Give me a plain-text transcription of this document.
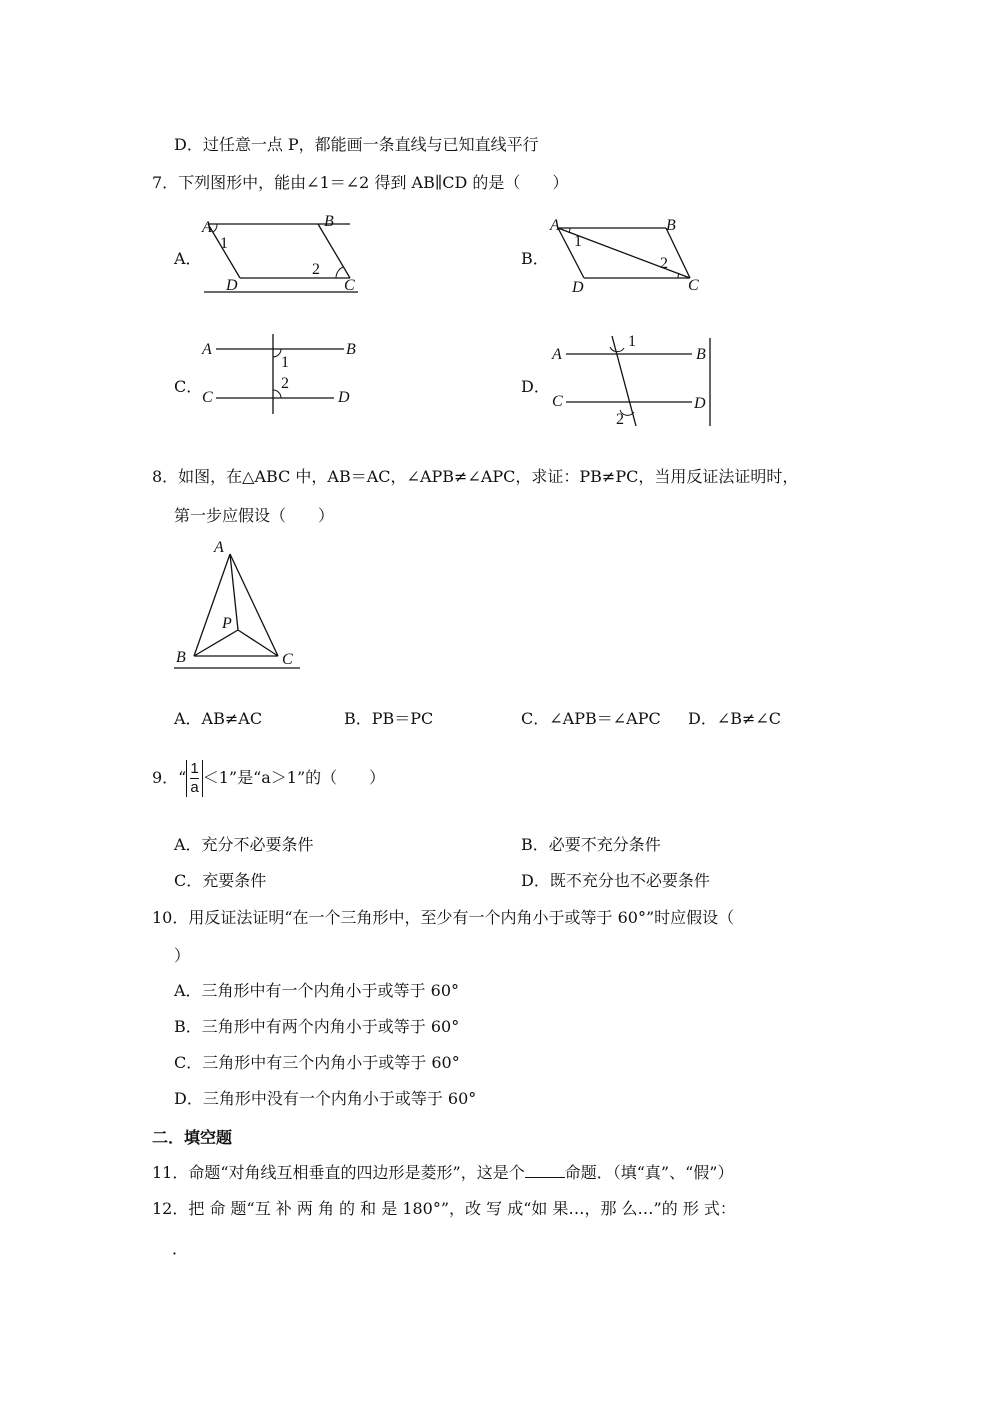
D．过任意一点 P，都能画一条直线与已知直线平行
7．下列图形中，能由∠1＝∠2 得到 AB∥CD 的是（　　）
A．
A	B
C
D
1
2
B．
A	B
C
D
1
2
C．
A	B
C	D
1
2	D．
A	B
C	D
1
2
8．如图，在△ABC 中，AB＝AC，∠APB≠∠APC，求证：PB≠PC，当用反证法证明时，
第一步应假设（　　）
A
B	C
P
A．AB≠AC	B．PB＝PC	C．∠APB＝∠APC D．∠B≠∠C
9．“ $\frac{1}{a} <1$”是“a＞1”的（　　）
A．充分不必要条件	B．必要不充分条件
C．充要条件	D．既不充分也不必要条件
10．用反证法证明“在一个三角形中，至少有一个内角小于或等于 60°”时应假设（
）
A．三角形中有一个内角小于或等于 60°
B．三角形中有两个内角小于或等于 60°
C．三角形中有三个内角小于或等于 60°
D．三角形中没有一个内角小于或等于 60°
二．填空题
11．命题“对角线互相垂直的四边形是菱形”，这是个	命题．（填“真”、“假”）
12．把 命 题“互 补 两 角 的 和 是 180°”，改 写 成“如 果…，那 么…”的 形 式：
．
